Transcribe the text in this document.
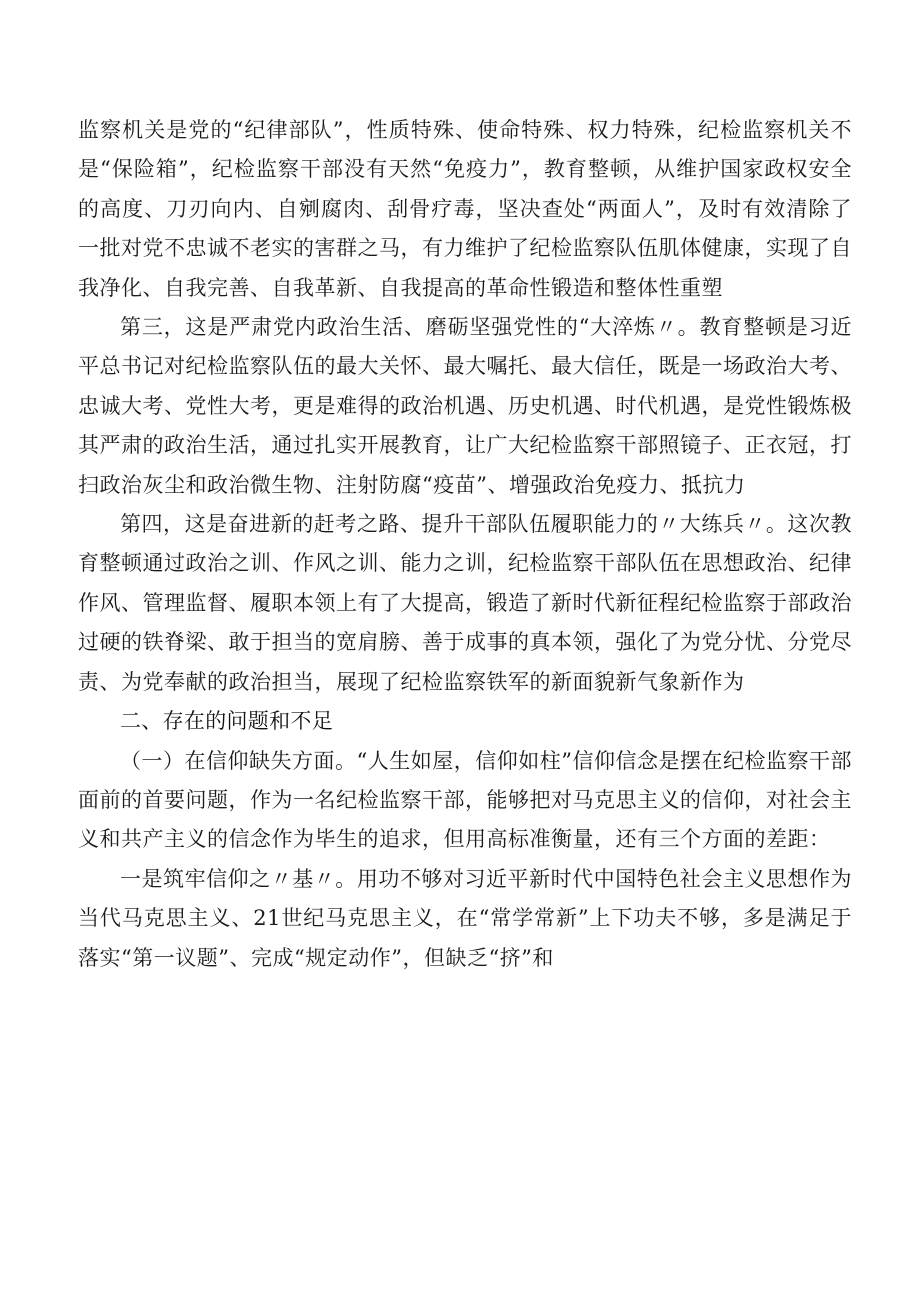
监察机关是党的“纪律部队”，性质特殊、使命特殊、权力特殊，纪检监察机关不是“保险箱”，纪检监察干部没有天然“免疫力”，教育整顿，从维护国家政权安全的高度、刀刃向内、自剜腐肉、刮骨疗毒，坚决查处“两面人”，及时有效清除了一批对党不忠诚不老实的害群之马，有力维护了纪检监察队伍肌体健康，实现了自我净化、自我完善、自我革新、自我提高的革命性锻造和整体性重塑

第三，这是严肃党内政治生活、磨砺坚强党性的“大淬炼〃。教育整顿是习近平总书记对纪检监察队伍的最大关怀、最大嘱托、最大信任，既是一场政治大考、忠诚大考、党性大考，更是难得的政治机遇、历史机遇、时代机遇，是党性锻炼极其严肃的政治生活，通过扎实开展教育，让广大纪检监察干部照镜子、正衣冠，打扫政治灰尘和政治微生物、注射防腐“疫苗”、增强政治免疫力、抵抗力

第四，这是奋进新的赶考之路、提升干部队伍履职能力的〃大练兵〃。这次教育整顿通过政治之训、作风之训、能力之训，纪检监察干部队伍在思想政治、纪律作风、管理监督、履职本领上有了大提高，锻造了新时代新征程纪检监察于部政治过硬的铁脊梁、敢于担当的宽肩膀、善于成事的真本领，强化了为党分忧、分党尽责、为党奉献的政治担当，展现了纪检监察铁军的新面貌新气象新作为

二、存在的问题和不足

（一）在信仰缺失方面。“人生如屋，信仰如柱”信仰信念是摆在纪检监察干部面前的首要问题，作为一名纪检监察干部，能够把对马克思主义的信仰，对社会主义和共产主义的信念作为毕生的追求，但用高标准衡量，还有三个方面的差距：

一是筑牢信仰之〃基〃。用功不够对习近平新时代中国特色社会主义思想作为当代马克思主义、21世纪马克思主义，在“常学常新”上下功夫不够，多是满足于落实“第一议题”、完成“规定动作”，但缺乏“挤”和
